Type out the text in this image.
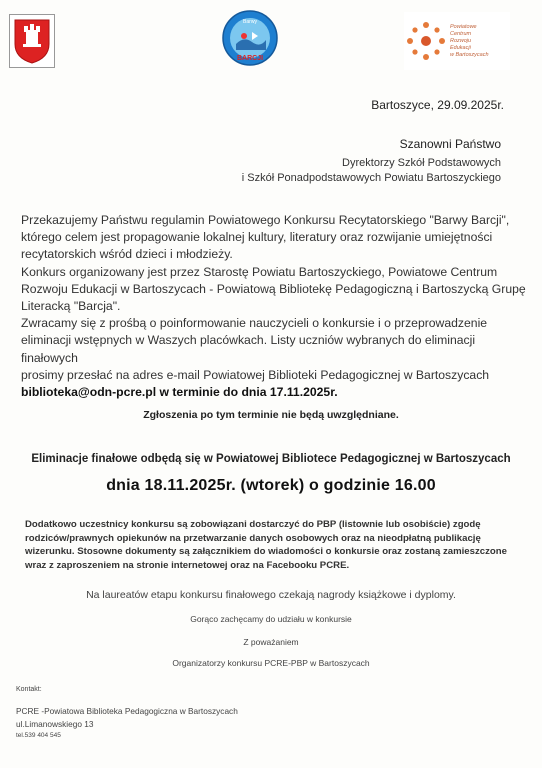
Barwy
BARCJI
Powiatowe
Centrum
Rozwoju
Edukacji
w Bartoszycach
Bartoszyce, 29.09.2025r.
Szanowni Państwo
Dyrektorzy Szkół Podstawowych
i Szkół Ponadpodstawowych Powiatu Bartoszyckiego

Przekazujemy Państwu regulamin Powiatowego Konkursu Recytatorskiego "Barwy Barcji",

którego celem jest propagowanie lokalnej kultury, literatury oraz rozwijanie umiejętności

recytatorskich wśród dzieci i młodzieży.

Konkurs organizowany jest przez Starostę Powiatu Bartoszyckiego, Powiatowe Centrum

Rozwoju Edukacji w Bartoszycach - Powiatową Bibliotekę Pedagogiczną i Bartoszycką Grupę

Literacką "Barcja".

Zwracamy się z prośbą o poinformowanie nauczycieli o konkursie i o przeprowadzenie

eliminacji wstępnych w Waszych placówkach. Listy uczniów wybranych do eliminacji finałowych

prosimy przesłać na adres e-mail Powiatowej Biblioteki Pedagogicznej w Bartoszycach

biblioteka@odn-pcre.pl w terminie do dnia 17.11.2025r.

Zgłoszenia po tym terminie nie będą uwzględniane.
Eliminacje finałowe odbędą się w Powiatowej Bibliotece Pedagogicznej w Bartoszycach
dnia 18.11.2025r. (wtorek) o godzinie 16.00

Dodatkowo uczestnicy konkursu są zobowiązani dostarczyć do PBP (listownie lub osobiście) zgodę

rodziców/prawnych opiekunów na przetwarzanie danych osobowych oraz na nieodpłatną publikację

wizerunku. Stosowne dokumenty są załącznikiem do wiadomości o konkursie oraz zostaną zamieszczone

wraz z zaproszeniem na stronie internetowej oraz na Facebooku PCRE.

Na laureatów etapu konkursu finałowego czekają nagrody książkowe i dyplomy.
Gorąco zachęcamy do udziału w konkursie
Z poważaniem
Organizatorzy konkursu PCRE-PBP w Bartoszycach
Kontakt:
PCRE -Powiatowa Biblioteka Pedagogiczna w Bartoszycach
ul.Limanowskiego 13
tel.539 404 545
